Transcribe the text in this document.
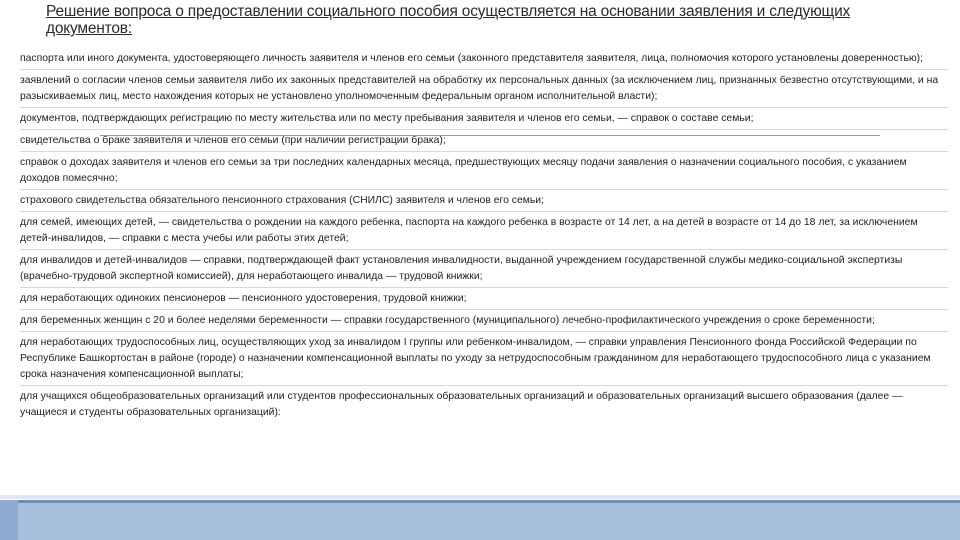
Решение вопроса о предоставлении социального пособия осуществляется на основании заявления и следующих документов:
паспорта или иного документа, удостоверяющего личность заявителя и членов его семьи (законного представителя заявителя, лица, полномочия которого установлены доверенностью);
заявлений о согласии членов семьи заявителя либо их законных представителей на обработку их персональных данных (за исключением лиц, признанных безвестно отсутствующими, и на разыскиваемых лиц, место нахождения которых не установлено уполномоченным федеральным органом исполнительной власти);
документов, подтверждающих регистрацию по месту жительства или по месту пребывания заявителя и членов его семьи, — справок о составе семьи;
свидетельства о браке заявителя и членов его семьи (при наличии регистрации брака);
справок о доходах заявителя и членов его семьи за три последних календарных месяца, предшествующих месяцу подачи заявления о назначении социального пособия, с указанием доходов помесячно;
страхового свидетельства обязательного пенсионного страхования (СНИЛС) заявителя и членов его семьи;
для семей, имеющих детей, — свидетельства о рождении на каждого ребенка, паспорта на каждого ребенка в возрасте от 14 лет, а на детей в возрасте от 14 до 18 лет, за исключением детей-инвалидов, — справки с места учебы или работы этих детей;
для инвалидов и детей-инвалидов — справки, подтверждающей факт установления инвалидности, выданной учреждением государственной службы медико-социальной экспертизы (врачебно-трудовой экспертной комиссией), для неработающего инвалида — трудовой книжки;
для неработающих одиноких пенсионеров — пенсионного удостоверения, трудовой книжки;
для беременных женщин с 20 и более неделями беременности — справки государственного (муниципального) лечебно-профилактического учреждения о сроке беременности;
для неработающих трудоспособных лиц, осуществляющих уход за инвалидом I группы или ребенком-инвалидом, — справки управления Пенсионного фонда Российской Федерации по Республике Башкортостан в районе (городе) о назначении компенсационной выплаты по уходу за нетрудоспособным гражданином для неработающего трудоспособного лица с указанием срока назначения компенсационной выплаты;
для учащихся общеобразовательных организаций или студентов профессиональных образовательных организаций и образовательных организаций высшего образования (далее — учащиеся и студенты образовательных организаций):
